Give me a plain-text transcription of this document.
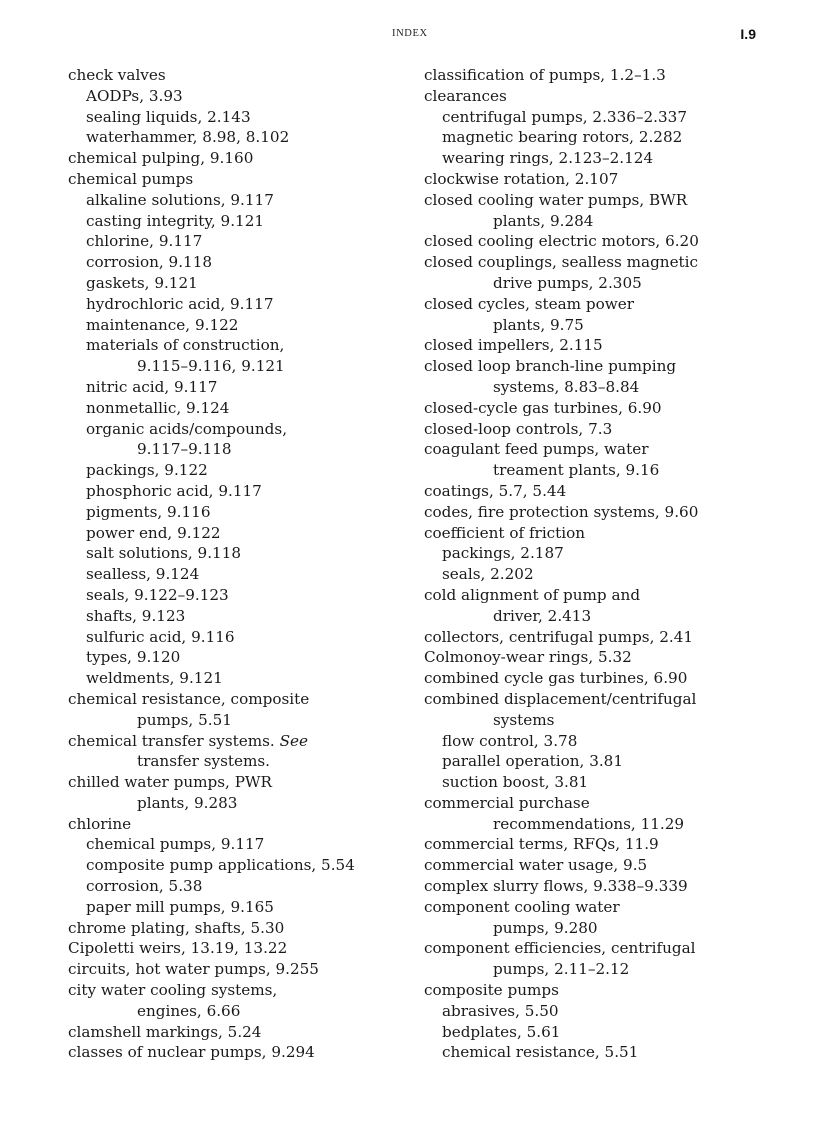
INDEX	I.9
check valves
AODPs, 3.93
sealing liquids, 2.143
waterhammer, 8.98, 8.102
chemical pulping, 9.160
chemical pumps
alkaline solutions, 9.117
casting integrity, 9.121
chlorine, 9.117
corrosion, 9.118
gaskets, 9.121
hydrochloric acid, 9.117
maintenance, 9.122
materials of construction,
9.115–9.116, 9.121
nitric acid, 9.117
nonmetallic, 9.124
organic acids/compounds,
9.117–9.118
packings, 9.122
phosphoric acid, 9.117
pigments, 9.116
power end, 9.122
salt solutions, 9.118
sealless, 9.124
seals, 9.122–9.123
shafts, 9.123
sulfuric acid, 9.116
types, 9.120
weldments, 9.121
chemical resistance, composite
pumps, 5.51
chemical transfer systems. See
transfer systems.
chilled water pumps, PWR
plants, 9.283
chlorine
chemical pumps, 9.117
composite pump applications, 5.54
corrosion, 5.38
paper mill pumps, 9.165
chrome plating, shafts, 5.30
Cipoletti weirs, 13.19, 13.22
circuits, hot water pumps, 9.255
city water cooling systems,
engines, 6.66
clamshell markings, 5.24
classes of nuclear pumps, 9.294
classification of pumps, 1.2–1.3
clearances
centrifugal pumps, 2.336–2.337
magnetic bearing rotors, 2.282
wearing rings, 2.123–2.124
clockwise rotation, 2.107
closed cooling water pumps, BWR
plants, 9.284
closed cooling electric motors, 6.20
closed couplings, sealless magnetic
drive pumps, 2.305
closed cycles, steam power
plants, 9.75
closed impellers, 2.115
closed loop branch-line pumping
systems, 8.83–8.84
closed-cycle gas turbines, 6.90
closed-loop controls, 7.3
coagulant feed pumps, water
treament plants, 9.16
coatings, 5.7, 5.44
codes, fire protection systems, 9.60
coefficient of friction
packings, 2.187
seals, 2.202
cold alignment of pump and
driver, 2.413
collectors, centrifugal pumps, 2.41
Colmonoy-wear rings, 5.32
combined cycle gas turbines, 6.90
combined displacement/centrifugal
systems
flow control, 3.78
parallel operation, 3.81
suction boost, 3.81
commercial purchase
recommendations, 11.29
commercial terms, RFQs, 11.9
commercial water usage, 9.5
complex slurry flows, 9.338–9.339
component cooling water
pumps, 9.280
component efficiencies, centrifugal
pumps, 2.11–2.12
composite pumps
abrasives, 5.50
bedplates, 5.61
chemical resistance, 5.51
